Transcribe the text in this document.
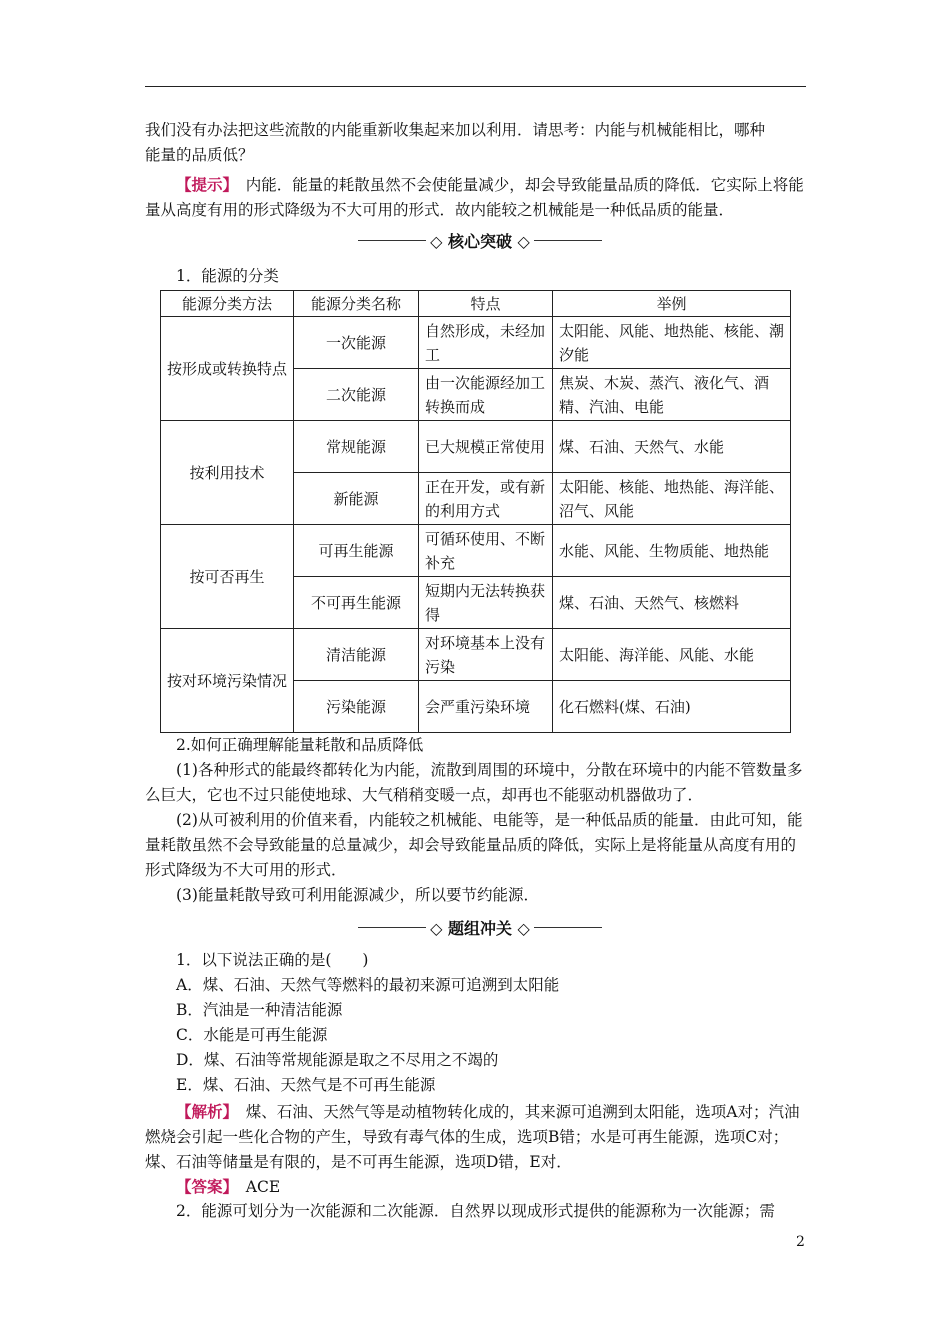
我们没有办法把这些流散的内能重新收集起来加以利用．请思考：内能与机械能相比，哪种

能量的品质低？

【提示】　内能．能量的耗散虽然不会使能量减少，却会导致能量品质的降低．它实际上将能量从高度有用的形式降级为不大可用的形式．故内能较之机械能是一种低品质的能量．

◇ 核心突破 ◇

1．能源的分类

能源分类方法	能源分类名称	特点	举例
按形成或转换特点	一次能源	自然形成，未经加工	太阳能、风能、地热能、核能、潮汐能
	二次能源	由一次能源经加工转换而成	焦炭、木炭、蒸汽、液化气、酒精、汽油、电能
按利用技术	常规能源	已大规模正常使用	煤、石油、天然气、水能
	新能源	正在开发，或有新的利用方式	太阳能、核能、地热能、海洋能、沼气、风能
按可否再生	可再生能源	可循环使用、不断补充	水能、风能、生物质能、地热能
	不可再生能源	短期内无法转换获得	煤、石油、天然气、核燃料
按对环境污染情况	清洁能源	对环境基本上没有污染	太阳能、海洋能、风能、水能
	污染能源	会严重污染环境	化石燃料(煤、石油)

2.如何正确理解能量耗散和品质降低

(1)各种形式的能最终都转化为内能，流散到周围的环境中，分散在环境中的内能不管数量多么巨大，它也不过只能使地球、大气稍稍变暖一点，却再也不能驱动机器做功了．

(2)从可被利用的价值来看，内能较之机械能、电能等，是一种低品质的能量．由此可知，能量耗散虽然不会导致能量的总量减少，却会导致能量品质的降低，实际上是将能量从高度有用的形式降级为不大可用的形式．

(3)能量耗散导致可利用能源减少，所以要节约能源．

◇ 题组冲关 ◇

1．以下说法正确的是(　　)

A．煤、石油、天然气等燃料的最初来源可追溯到太阳能

B．汽油是一种清洁能源

C．水能是可再生能源

D．煤、石油等常规能源是取之不尽用之不竭的

E．煤、石油、天然气是不可再生能源

【解析】　煤、石油、天然气等是动植物转化成的，其来源可追溯到太阳能，选项A对；汽油燃烧会引起一些化合物的产生，导致有毒气体的生成，选项B错；水是可再生能源，选项C对；煤、石油等储量是有限的，是不可再生能源，选项D错，E对．

【答案】　ACE

2．能源可划分为一次能源和二次能源．自然界以现成形式提供的能源称为一次能源；需

2
